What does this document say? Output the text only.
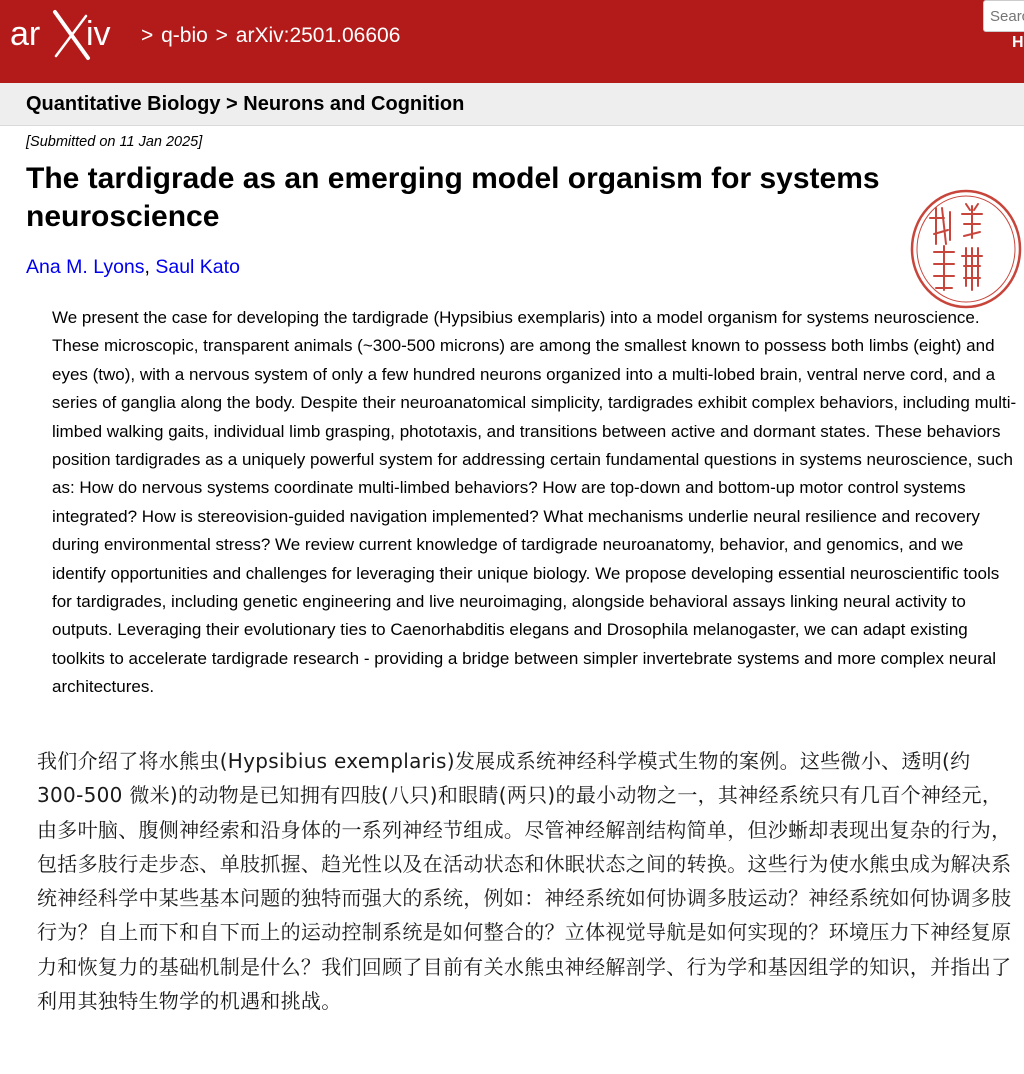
ar iv > q-bio > arXiv:2501.06606
Search...	H
Quantitative Biology > Neurons and Cognition
[Submitted on 11 Jan 2025]
The tardigrade as an emerging model organism for systems neuroscience
Ana M. Lyons, Saul Kato

We present the case for developing the tardigrade (Hypsibius exemplaris) into a model organism for systems neuroscience. These microscopic, transparent animals (~300-500 microns) are among the smallest known to possess both limbs (eight) and eyes (two), with a nervous system of only a few hundred neurons organized into a multi-lobed brain, ventral nerve cord, and a series of ganglia along the body. Despite their neuroanatomical simplicity, tardigrades exhibit complex behaviors, including multi-limbed walking gaits, individual limb grasping, phototaxis, and transitions between active and dormant states. These behaviors position tardigrades as a uniquely powerful system for addressing certain fundamental questions in systems neuroscience, such as: How do nervous systems coordinate multi-limbed behaviors? How are top-down and bottom-up motor control systems integrated? How is stereovision-guided navigation implemented? What mechanisms underlie neural resilience and recovery during environmental stress? We review current knowledge of tardigrade neuroanatomy, behavior, and genomics, and we identify opportunities and challenges for leveraging their unique biology. We propose developing essential neuroscientific tools for tardigrades, including genetic engineering and live neuroimaging, alongside behavioral assays linking neural activity to outputs. Leveraging their evolutionary ties to Caenorhabditis elegans and Drosophila melanogaster, we can adapt existing toolkits to accelerate tardigrade research - providing a bridge between simpler invertebrate systems and more complex neural architectures.

我们介绍了将水熊虫(Hypsibius exemplaris)发展成系统神经科学模式生物的案例。这些微小、透明(约 300-500 微米)的动物是已知拥有四肢(八只)和眼睛(两只)的最小动物之一，其神经系统只有几百个神经元，由多叶脑、腹侧神经索和沿身体的一系列神经节组成。尽管神经解剖结构简单，但沙蜥却表现出复杂的行为，包括多肢行走步态、单肢抓握、趋光性以及在活动状态和休眠状态之间的转换。这些行为使水熊虫成为解决系统神经科学中某些基本问题的独特而强大的系统，例如：神经系统如何协调多肢运动？神经系统如何协调多肢行为？自上而下和自下而上的运动控制系统是如何整合的？立体视觉导航是如何实现的？环境压力下神经复原力和恢复力的基础机制是什么？我们回顾了目前有关水熊虫神经解剖学、行为学和基因组学的知识，并指出了利用其独特生物学的机遇和挑战。
